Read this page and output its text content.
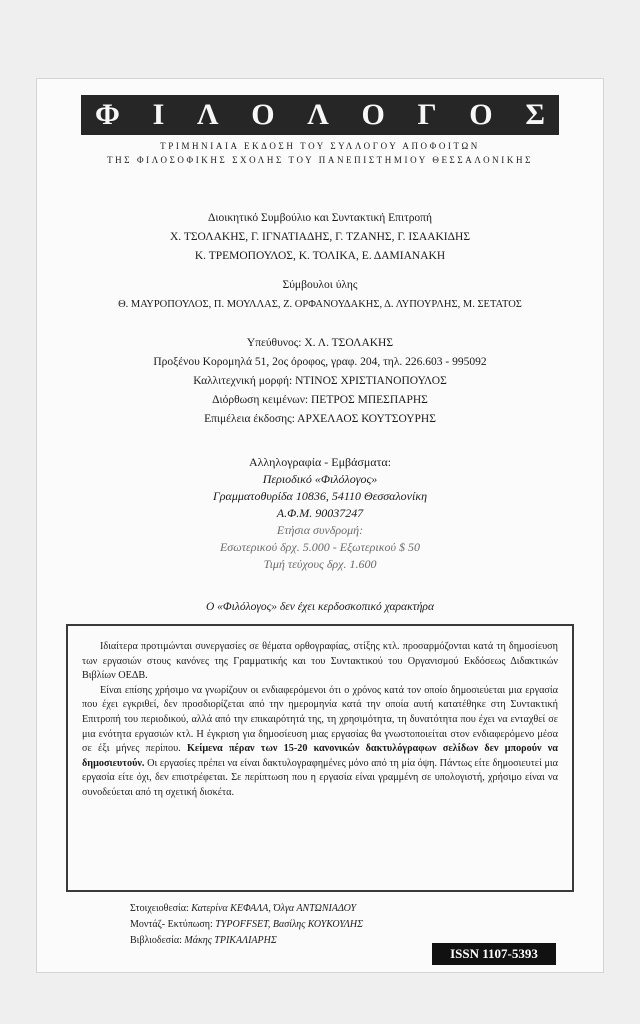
Φ Ι Λ Ο Λ Ο Γ Ο Σ
ΤΡΙΜΗΝΙΑΙΑ ΕΚΔΟΣΗ ΤΟΥ ΣΥΛΛΟΓΟΥ ΑΠΟΦΟΙΤΩΝ
ΤΗΣ ΦΙΛΟΣΟΦΙΚΗΣ ΣΧΟΛΗΣ ΤΟΥ ΠΑΝΕΠΙΣΤΗΜΙΟΥ ΘΕΣΣΑΛΟΝΙΚΗΣ
Διοικητικό Συμβούλιο και Συντακτική Επιτροπή
Χ. ΤΣΟΛΑΚΗΣ, Γ. ΙΓΝΑΤΙΑΔΗΣ, Γ. ΤΖΑΝΗΣ, Γ. ΙΣΑΑΚΙΔΗΣ
Κ. ΤΡΕΜΟΠΟΥΛΟΣ, Κ. ΤΟΛΙΚΑ, Ε. ΔΑΜΙΑΝΑΚΗ
Σύμβουλοι ύλης
Θ. ΜΑΥΡΟΠΟΥΛΟΣ, Π. ΜΟΥΛΛΑΣ, Ζ. ΟΡΦΑΝΟΥΔΑΚΗΣ, Δ. ΛΥΠΟΥΡΛΗΣ, Μ. ΣΕΤΑΤΟΣ
Υπεύθυνος: Χ. Λ. ΤΣΟΛΑΚΗΣ
Προξένου Κορομηλά 51, 2ος όροφος, γραφ. 204, τηλ. 226.603 - 995092
Καλλιτεχνική μορφή: ΝΤΙΝΟΣ ΧΡΙΣΤΙΑΝΟΠΟΥΛΟΣ
Διόρθωση κειμένων: ΠΕΤΡΟΣ ΜΠΕΣΠΑΡΗΣ
Επιμέλεια έκδοσης: ΑΡΧΕΛΑΟΣ ΚΟΥΤΣΟΥΡΗΣ
Αλληλογραφία - Εμβάσματα:
Περιοδικό «Φιλόλογος»
Γραμματοθυρίδα 10836, 54110 Θεσσαλονίκη
Α.Φ.Μ. 90037247
Ετήσια συνδρομή:
Εσωτερικού δρχ. 5.000 - Εξωτερικού $ 50
Τιμή τεύχους δρχ. 1.600
Ο «Φιλόλογος» δεν έχει κερδοσκοπικό χαρακτήρα

Ιδιαίτερα προτιμώνται συνεργασίες σε θέματα ορθογραφίας, στίξης κτλ. προσαρμόζονται κατά τη δημοσίευση των εργασιών στους κανόνες της Γραμματικής και του Συντακτικού του Οργανισμού Εκδόσεως Διδακτικών Βιβλίων ΟΕΔΒ.

Είναι επίσης χρήσιμο να γνωρίζουν οι ενδιαφερόμενοι ότι ο χρόνος κατά τον οποίο δημοσιεύεται μια εργασία που έχει εγκριθεί, δεν προσδιορίζεται από την ημερομηνία κατά την οποία αυτή κατατέθηκε στη Συντακτική Επιτροπή του περιοδικού, αλλά από την επικαιρότητά της, τη χρησιμότητα, τη δυνατότητα που έχει να ενταχθεί σε μια ενότητα εργασιών κτλ. Η έγκριση για δημοσίευση μιας εργασίας θα γνωστοποιείται στον ενδιαφερόμενο μέσα σε έξι μήνες περίπου. Κείμενα πέραν των 15-20 κανονικών δακτυλόγραφων σελίδων δεν μπορούν να δημοσιευτούν. Οι εργασίες πρέπει να είναι δακτυλογραφημένες μόνο από τη μία όψη. Πάντως είτε δημοσιευτεί μια εργασία είτε όχι, δεν επιστρέφεται. Σε περίπτωση που η εργασία είναι γραμμένη σε υπολογιστή, χρήσιμο είναι να συνοδεύεται από τη σχετική δισκέτα.

Στοιχειοθεσία: Κατερίνα ΚΕΦΑΛΑ, Όλγα ΑΝΤΩΝΙΑΔΟΥ
Μοντάζ- Εκτύπωση: TYPOFFSET, Βασίλης ΚΟΥΚΟΥΛΗΣ
Βιβλιοδεσία: Μάκης ΤΡΙΚΑΛΙΑΡΗΣ
ISSN 1107-5393
